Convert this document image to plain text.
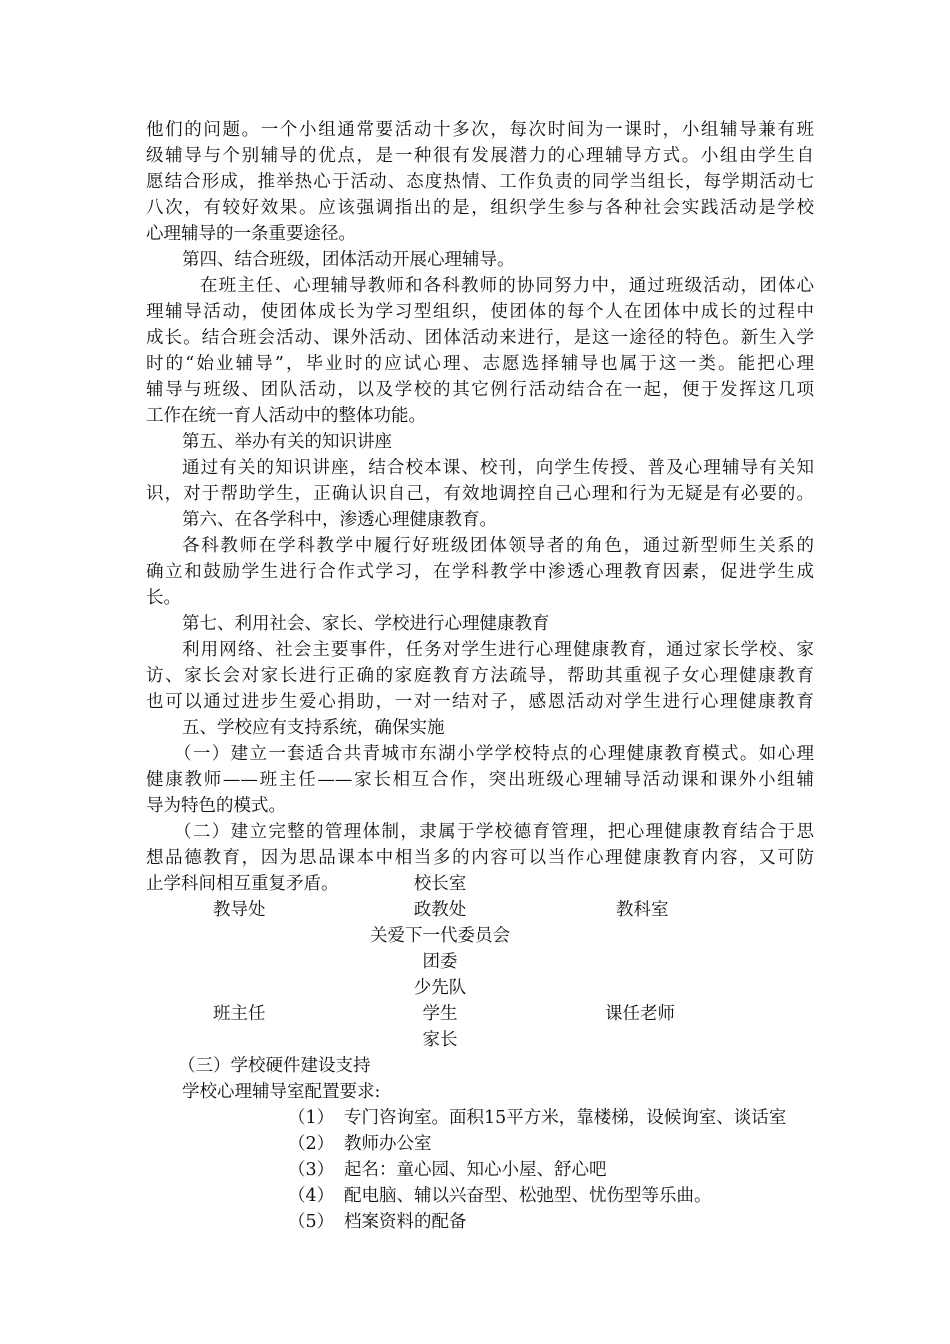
他们的问题。一个小组通常要活动十多次，每次时间为一课时，小组辅导兼有班
级辅导与个别辅导的优点，是一种很有发展潜力的心理辅导方式。小组由学生自
愿结合形成，推举热心于活动、态度热情、工作负责的同学当组长，每学期活动七
八次，有较好效果。应该强调指出的是，组织学生参与各种社会实践活动是学校
心理辅导的一条重要途径。
第四、结合班级，团体活动开展心理辅导。
在班主任、心理辅导教师和各科教师的协同努力中，通过班级活动，团体心
理辅导活动，使团体成长为学习型组织，使团体的每个人在团体中成长的过程中
成长。结合班会活动、课外活动、团体活动来进行，是这一途径的特色。新生入学
时的“始业辅导”，毕业时的应试心理、志愿选择辅导也属于这一类。能把心理
辅导与班级、团队活动，以及学校的其它例行活动结合在一起，便于发挥这几项
工作在统一育人活动中的整体功能。
第五、举办有关的知识讲座
通过有关的知识讲座，结合校本课、校刊，向学生传授、普及心理辅导有关知
识，对于帮助学生，正确认识自己，有效地调控自己心理和行为无疑是有必要的。
第六、在各学科中，渗透心理健康教育。
各科教师在学科教学中履行好班级团体领导者的角色，通过新型师生关系的
确立和鼓励学生进行合作式学习，在学科教学中渗透心理教育因素，促进学生成
长。
第七、利用社会、家长、学校进行心理健康教育
利用网络、社会主要事件，任务对学生进行心理健康教育，通过家长学校、家
访、家长会对家长进行正确的家庭教育方法疏导，帮助其重视子女心理健康教育
也可以通过进步生爱心捐助，一对一结对子，感恩活动对学生进行心理健康教育
五、学校应有支持系统，确保实施
（一）建立一套适合共青城市东湖小学学校特点的心理健康教育模式。如心理
健康教师——班主任——家长相互合作，突出班级心理辅导活动课和课外小组辅
导为特色的模式。
（二）建立完整的管理体制，隶属于学校德育管理，把心理健康教育结合于思
想品德教育，因为思品课本中相当多的内容可以当作心理健康教育内容，又可防
止学科间相互重复矛盾。	校长室
教导处	政教处	教科室
关爱下一代委员会
团委
少先队
班主任	学生	课任老师
家长
（三）学校硬件建设支持
学校心理辅导室配置要求:
（1） 专门咨询室。面积15平方米，靠楼梯，设候询室、谈话室
（2） 教师办公室
（3） 起名：童心园、知心小屋、舒心吧
（4） 配电脑、辅以兴奋型、松弛型、忧伤型等乐曲。
（5） 档案资料的配备
